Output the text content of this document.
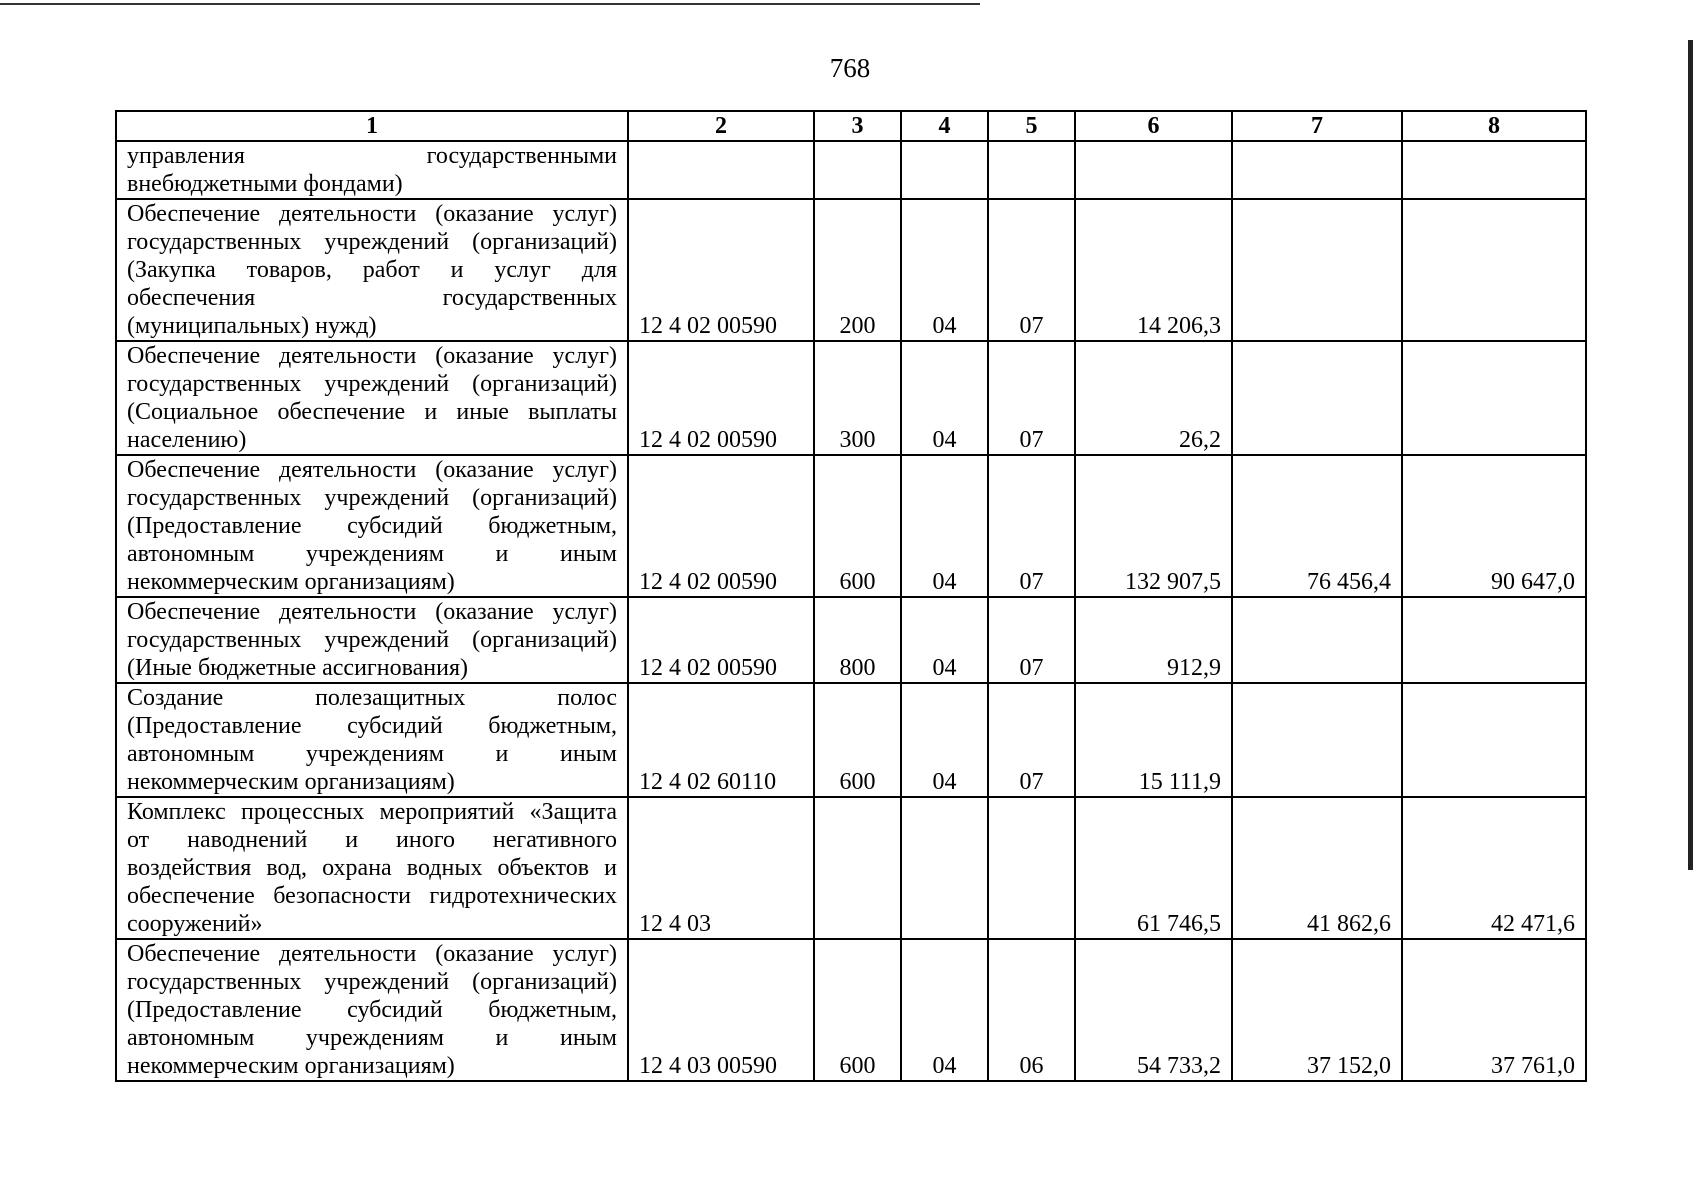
768
1	2	3	4	5	6	7	8
управления государственными внебюджетными фондами)							
Обеспечение деятельности (оказание услуг) государственных учреждений (организаций) (Закупка товаров, работ и услуг для обеспечения государственных (муниципальных) нужд)	12 4 02 00590	200	04	07	14 206,3		
Обеспечение деятельности (оказание услуг) государственных учреждений (организаций) (Социальное обеспечение и иные выплаты населению)	12 4 02 00590	300	04	07	26,2		
Обеспечение деятельности (оказание услуг) государственных учреждений (организаций) (Предоставление субсидий бюджетным, автономным учреждениям и иным некоммерческим организациям)	12 4 02 00590	600	04	07	132 907,5	76 456,4	90 647,0
Обеспечение деятельности (оказание услуг) государственных учреждений (организаций) (Иные бюджетные ассигнования)	12 4 02 00590	800	04	07	912,9		
Создание полезащитных полос (Предоставление субсидий бюджетным, автономным учреждениям и иным некоммерческим организациям)	12 4 02 60110	600	04	07	15 111,9		
Комплекс процессных мероприятий «Защита от наводнений и иного негативного воздействия вод, охрана водных объектов и обеспечение безопасности гидротехнических сооружений»	12 4 03				61 746,5	41 862,6	42 471,6
Обеспечение деятельности (оказание услуг) государственных учреждений (организаций) (Предоставление субсидий бюджетным, автономным учреждениям и иным некоммерческим организациям)	12 4 03 00590	600	04	06	54 733,2	37 152,0	37 761,0
